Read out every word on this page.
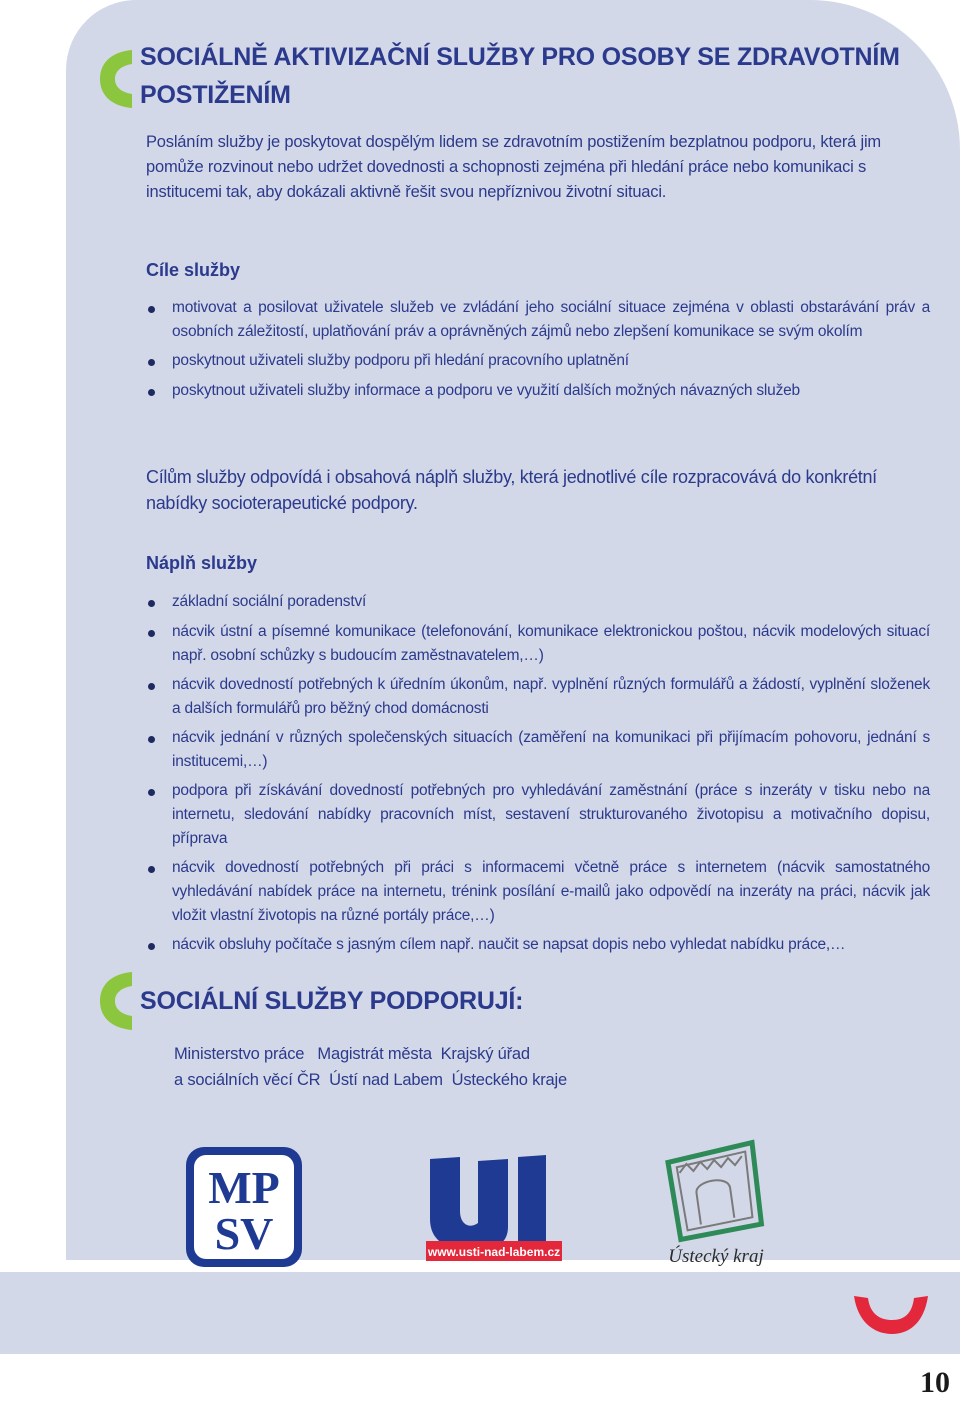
SOCIÁLNĚ AKTIVIZAČNÍ SLUŽBY PRO OSOBY SE ZDRAVOTNÍM
POSTIŽENÍM

Posláním služby je poskytovat dospělým lidem se zdravotním postižením bezplatnou podporu, která jim pomůže rozvinout nebo udržet dovednosti a schopnosti zejména při hledání práce nebo komunikaci s institucemi tak, aby dokázali aktivně řešit svou nepříznivou životní situaci.

Cíle služby

motivovat a posilovat uživatele služeb ve zvládání jeho sociální situace zejména v oblasti obstarávání práv a osobních záležitostí, uplatňování práv a oprávněných zájmů nebo zlepšení komunikace se svým okolím
poskytnout uživateli služby podporu při hledání pracovního uplatnění
poskytnout uživateli služby informace a podporu ve využití dalších možných návazných služeb

Cílům služby odpovídá i obsahová náplň služby, která jednotlivé cíle rozpracovává do konkrétní nabídky socioterapeutické podpory.

Náplň služby

základní sociální poradenství
nácvik ústní a písemné komunikace (telefonování, komunikace elektronickou poštou, nácvik modelových situací např. osobní schůzky s budoucím zaměstnavatelem,…)
nácvik dovedností potřebných k úředním úkonům, např. vyplnění různých formulářů a žádostí, vyplnění složenek a dalších formulářů pro běžný chod domácnosti
nácvik jednání v různých společenských situacích (zaměření na komunikaci při přijímacím pohovoru, jednání s institucemi,…)
podpora při získávání dovedností potřebných pro vyhledávání zaměstnání (práce s inzeráty v tisku nebo na internetu, sledování nabídky pracovních míst, sestavení strukturovaného životopisu a motivačního dopisu, příprava
nácvik dovedností potřebných při práci s informacemi včetně práce s internetem (nácvik samostatného vyhledávání nabídek práce na internetu, trénink posílání e-mailů jako odpovědí na inzeráty na práci, nácvik jak vložit vlastní životopis na různé portály práce,…)
nácvik obsluhy počítače s jasným cílem např. naučit se napsat dopis nebo vyhledat nabídku práce,…
SOCIÁLNÍ SLUŽBY PODPORUJÍ:

Ministerstvo práce   Magistrát města  Krajský úřad
a sociálních věcí ČR  Ústí nad Labem  Ústeckého kraje

MP
SV	www.usti-nad-labem.cz	Ústecký kraj

10
